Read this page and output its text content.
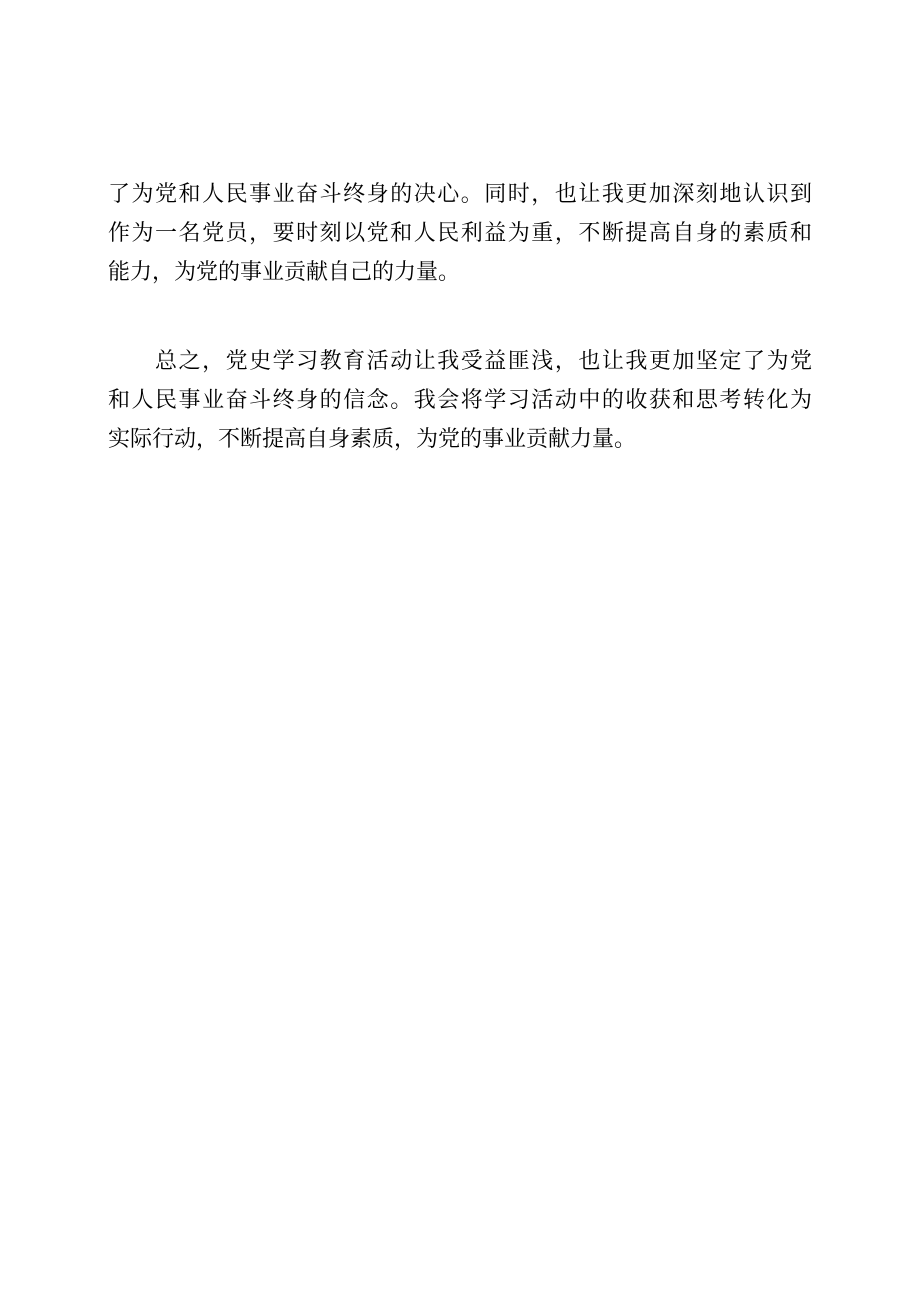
了为党和人民事业奋斗终身的决心。同时，也让我更加深刻地认识到
作为一名党员，要时刻以党和人民利益为重，不断提高自身的素质和
能力，为党的事业贡献自己的力量。
　　总之，党史学习教育活动让我受益匪浅，也让我更加坚定了为党
和人民事业奋斗终身的信念。我会将学习活动中的收获和思考转化为
实际行动，不断提高自身素质，为党的事业贡献力量。
